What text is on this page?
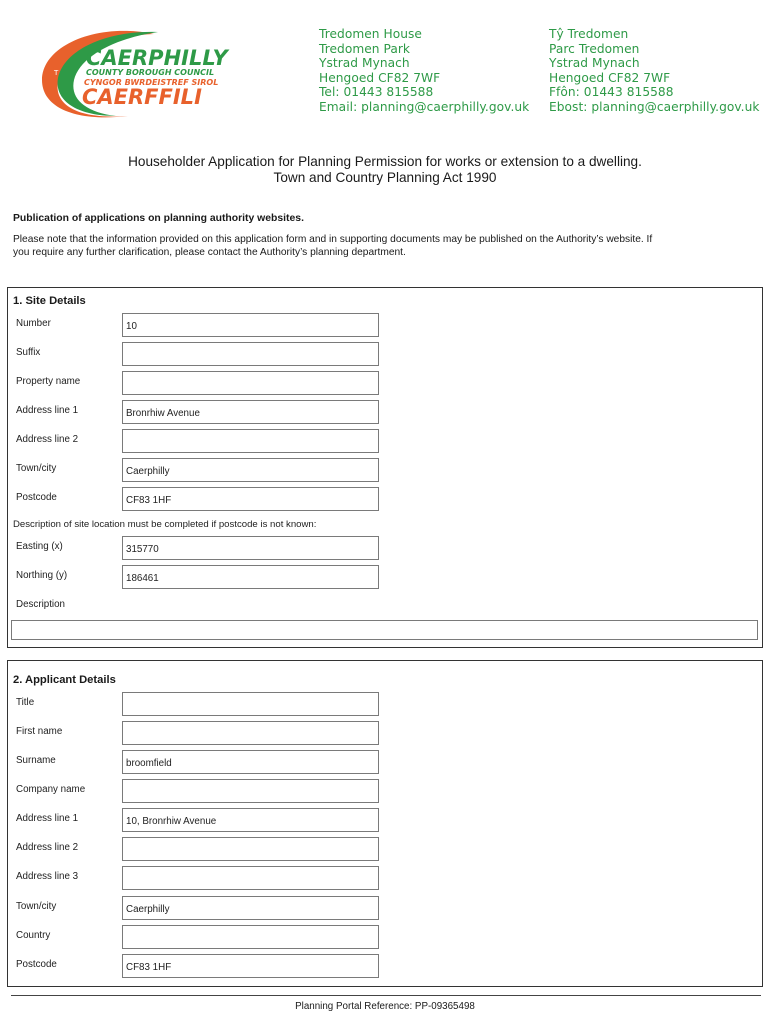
CAERPHILLY
COUNTY BOROUGH COUNCIL
CYNGOR BWRDEISTREF SIROL
CAERFFILI
T
Tredomen House
Tredomen Park
Ystrad Mynach
Hengoed CF82 7WF
Tel: 01443 815588
Email: planning@caerphilly.gov.uk
Tŷ Tredomen
Parc Tredomen
Ystrad Mynach
Hengoed CF82 7WF
Ffôn: 01443 815588
Ebost: planning@caerphilly.gov.uk
Householder Application for Planning Permission for works or extension to a dwelling.
Town and Country Planning Act 1990
Publication of applications on planning authority websites.
Please note that the information provided on this application form and in supporting documents may be published on the Authority’s website. If
you require any further clarification, please contact the Authority’s planning department.
1. Site Details
Number	10
Suffix
Property name
Address line 1	Bronrhiw Avenue
Address line 2
Town/city	Caerphilly
Postcode	CF83 1HF
Description of site location must be completed if postcode is not known:
Easting (x)	315770
Northing (y)	186461
Description
2. Applicant Details
Title
First name
Surname	broomfield
Company name
Address line 1	10, Bronrhiw Avenue
Address line 2
Address line 3
Town/city	Caerphilly
Country
Postcode	CF83 1HF
Planning Portal Reference: PP-09365498
